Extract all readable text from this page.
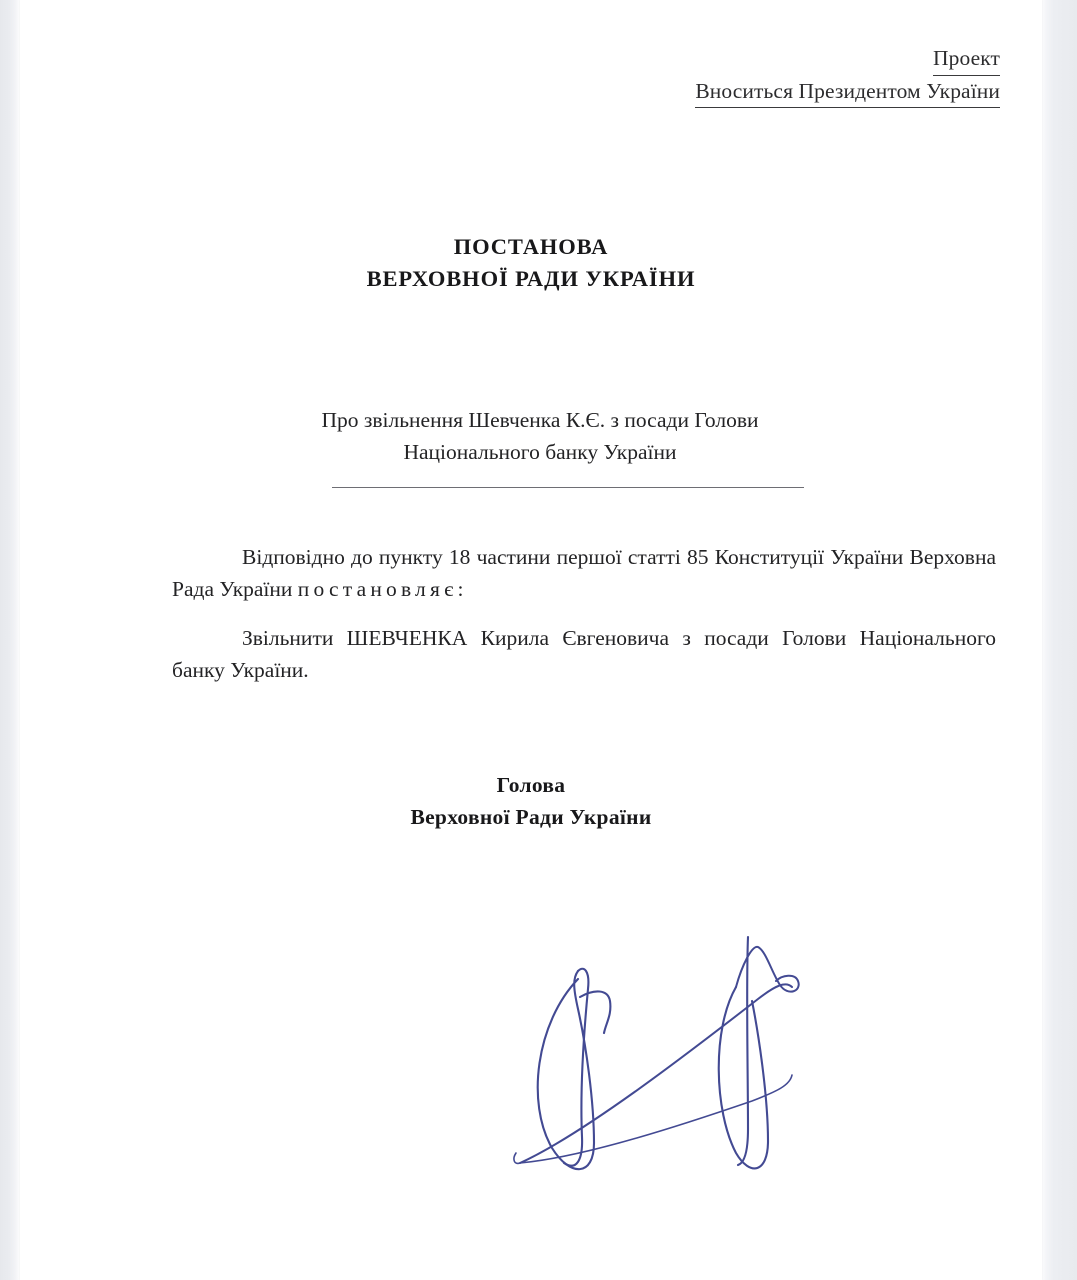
Проект
Вноситься Президентом України
ПОСТАНОВА
ВЕРХОВНОЇ РАДИ УКРАЇНИ
Про звільнення Шевченка К.Є. з посади Голови
Національного банку України

Відповідно до пункту 18 частини першої статті 85 Конституції України Верховна Рада України постановляє:

Звільнити ШЕВЧЕНКА Кирила Євгеновича з посади Голови Національного банку України.

Голова
Верховної Ради України
